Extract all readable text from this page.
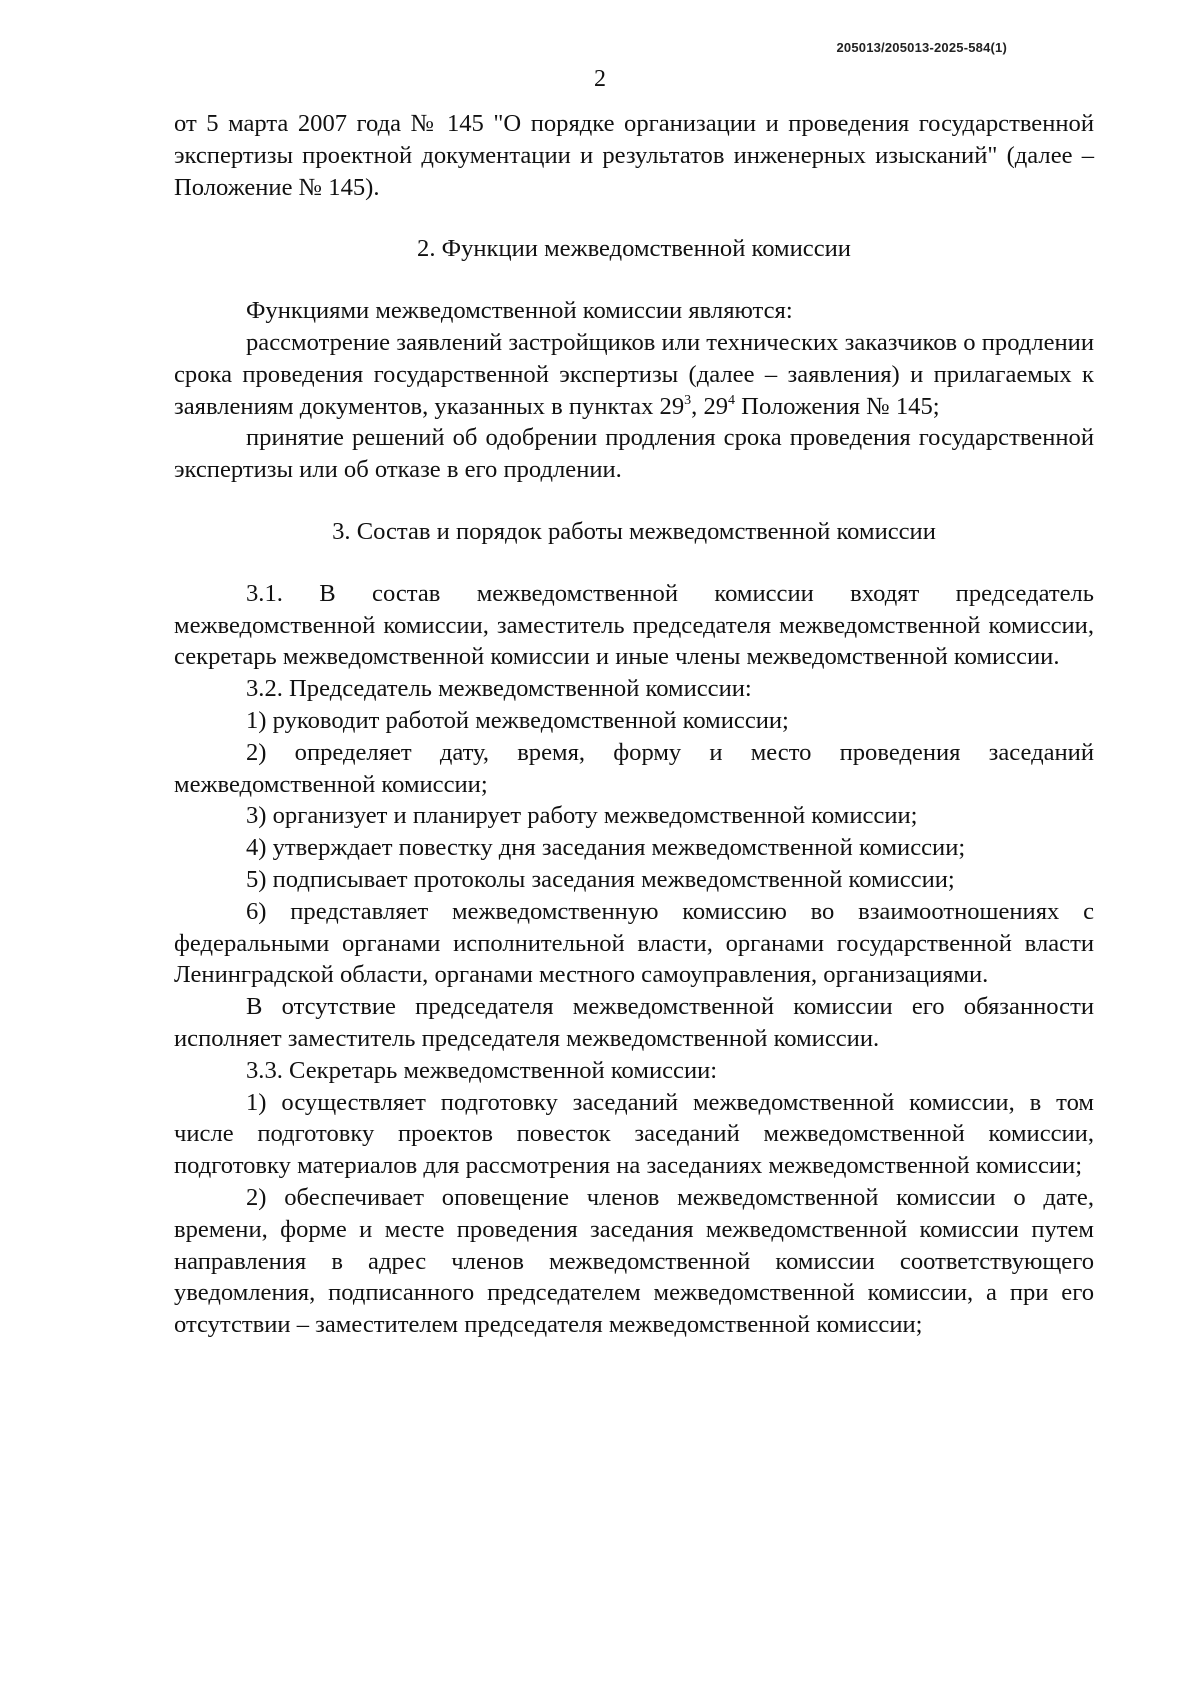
205013/205013-2025-584(1)
2

от 5 марта 2007 года № 145 "О порядке организации и проведения государственной экспертизы проектной документации и результатов инженерных изысканий" (далее – Положение № 145).

2. Функции межведомственной комиссии

Функциями межведомственной комиссии являются:

рассмотрение заявлений застройщиков или технических заказчиков о продлении срока проведения государственной экспертизы (далее – заявления) и прилагаемых к заявлениям документов, указанных в пунктах $29^3$, $29^4$ Положения № 145;

принятие решений об одобрении продления срока проведения государственной экспертизы или об отказе в его продлении.

3. Состав и порядок работы межведомственной комиссии

3.1. В состав межведомственной комиссии входят председатель межведомственной комиссии, заместитель председателя межведомственной комиссии, секретарь межведомственной комиссии и иные члены межведомственной комиссии.

3.2. Председатель межведомственной комиссии:

1) руководит работой межведомственной комиссии;

2) определяет дату, время, форму и место проведения заседаний межведомственной комиссии;

3) организует и планирует работу межведомственной комиссии;

4) утверждает повестку дня заседания межведомственной комиссии;

5) подписывает протоколы заседания межведомственной комиссии;

6) представляет межведомственную комиссию во взаимоотношениях с федеральными органами исполнительной власти, органами государственной власти Ленинградской области, органами местного самоуправления, организациями.

В отсутствие председателя межведомственной комиссии его обязанности исполняет заместитель председателя межведомственной комиссии.

3.3. Секретарь межведомственной комиссии:

1) осуществляет подготовку заседаний межведомственной комиссии, в том числе подготовку проектов повесток заседаний межведомственной комиссии, подготовку материалов для рассмотрения на заседаниях межведомственной комиссии;

2) обеспечивает оповещение членов межведомственной комиссии о дате, времени, форме и месте проведения заседания межведомственной комиссии путем направления в адрес членов межведомственной комиссии соответствующего уведомления, подписанного председателем межведомственной комиссии, а при его отсутствии – заместителем председателя межведомственной комиссии;
